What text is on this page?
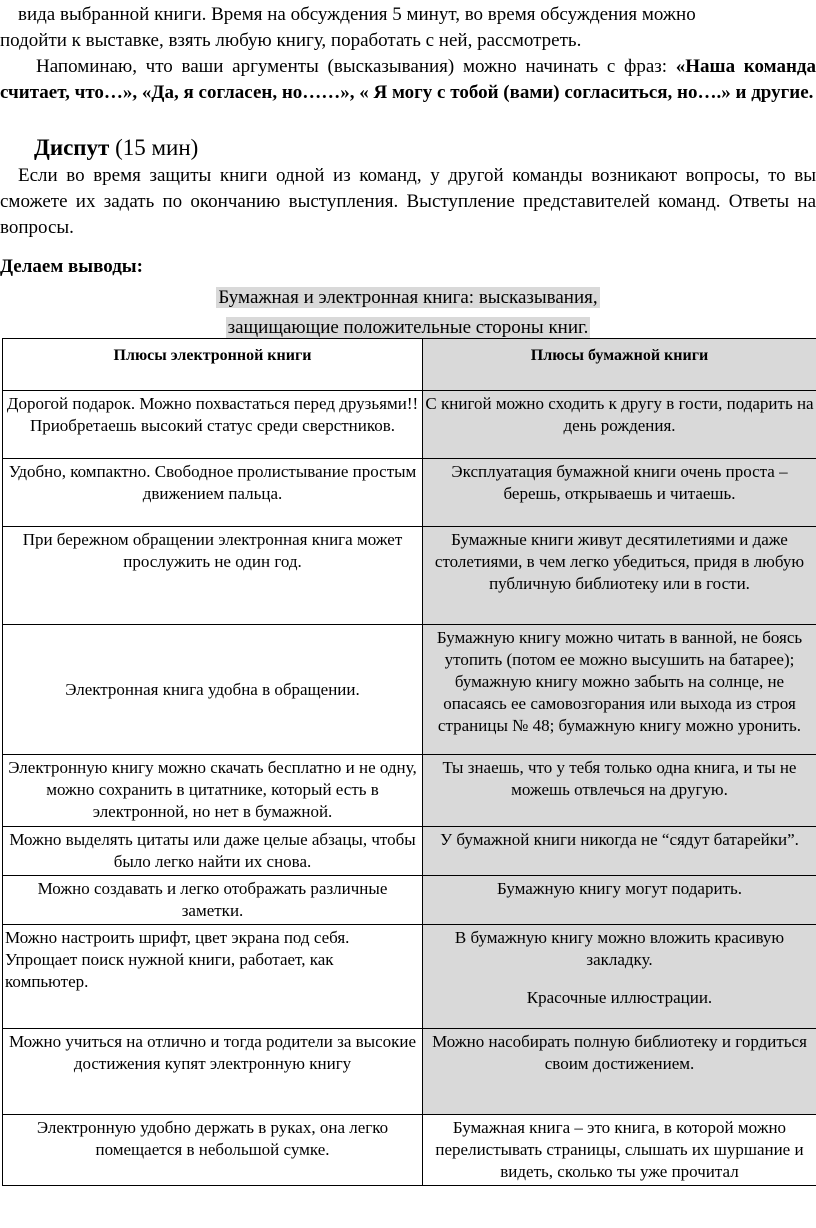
вида выбранной книги. Время на обсуждения 5 минут, во время обсуждения можно
подойти к выставке, взять любую книгу, поработать с ней, рассмотреть.
Напоминаю, что ваши аргументы (высказывания) можно начинать с фраз: «Наша команда считает, что…», «Да, я согласен, но……», « Я могу с тобой (вами) согласиться, но….» и другие.
Диспут (15 мин)
Если во время защиты книги одной из команд, у другой команды возникают вопросы, то вы сможете их задать по окончанию выступления. Выступление представителей команд. Ответы на вопросы.
Делаем выводы:
Бумажная и электронная книга: высказывания,
защищающие положительные стороны книг.
Плюсы электронной книги	Плюсы бумажной книги
Дорогой подарок. Можно похвастаться перед друзьями!! Приобретаешь высокий статус среди сверстников.	С книгой можно сходить к другу в гости, подарить на день рождения.
Удобно, компактно. Свободное пролистывание простым движением пальца.	Эксплуатация бумажной книги очень проста – берешь, открываешь и читаешь.
При бережном обращении электронная книга может прослужить не один год.	Бумажные книги живут десятилетиями и даже столетиями, в чем легко убедиться, придя в любую публичную библиотеку или в гости.
Электронная книга удобна в обращении.	Бумажную книгу можно читать в ванной, не боясь утопить (потом ее можно высушить на батарее); бумажную книгу можно забыть на солнце, не опасаясь ее самовозгорания или выхода из строя страницы № 48; бумажную книгу можно уронить.
Электронную книгу можно скачать бесплатно и не одну, можно сохранить в цитатнике, который есть в электронной, но нет в бумажной.	Ты знаешь, что у тебя только одна книга, и ты не можешь отвлечься на другую.
Можно выделять цитаты или даже целые абзацы, чтобы было легко найти их снова.	У бумажной книги никогда не “сядут батарейки”.
Можно создавать и легко отображать различные заметки.	Бумажную книгу могут подарить.
Можно настроить шрифт, цвет экрана под себя. Упрощает поиск нужной книги, работает, как компьютер.	В бумажную книгу можно вложить красивую закладку.
Красочные иллюстрации.

Можно учиться на отлично и тогда родители за высокие достижения купят электронную книгу	Можно насобирать полную библиотеку и гордиться своим достижением.
Электронную удобно держать в руках, она легко помещается в небольшой сумке.	Бумажная книга – это книга, в которой можно перелистывать страницы, слышать их шуршание и видеть, сколько ты уже прочитал
